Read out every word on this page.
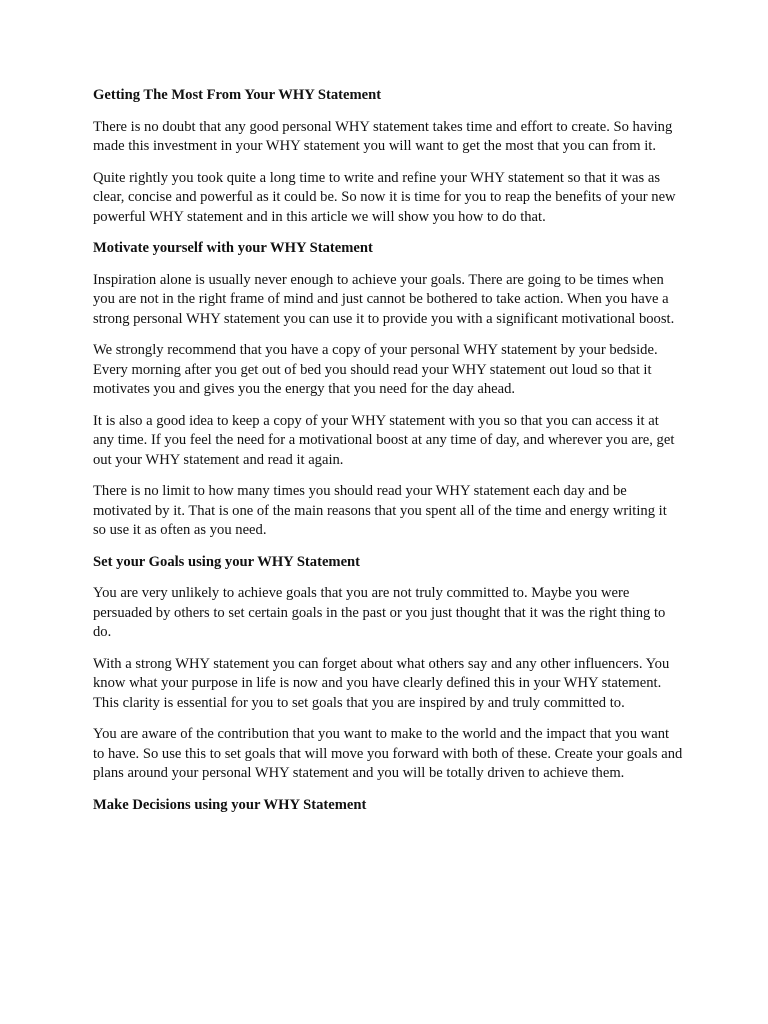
Getting The Most From Your WHY Statement

There is no doubt that any good personal WHY statement takes time and effort to create. So having made this investment in your WHY statement you will want to get the most that you can from it.

Quite rightly you took quite a long time to write and refine your WHY statement so that it was as clear, concise and powerful as it could be. So now it is time for you to reap the benefits of your new powerful WHY statement and in this article we will show you how to do that.

Motivate yourself with your WHY Statement

Inspiration alone is usually never enough to achieve your goals. There are going to be times when you are not in the right frame of mind and just cannot be bothered to take action. When you have a strong personal WHY statement you can use it to provide you with a significant motivational boost.

We strongly recommend that you have a copy of your personal WHY statement by your bedside. Every morning after you get out of bed you should read your WHY statement out loud so that it motivates you and gives you the energy that you need for the day ahead.

It is also a good idea to keep a copy of your WHY statement with you so that you can access it at any time. If you feel the need for a motivational boost at any time of day, and wherever you are, get out your WHY statement and read it again.

There is no limit to how many times you should read your WHY statement each day and be motivated by it. That is one of the main reasons that you spent all of the time and energy writing it so use it as often as you need.

Set your Goals using your WHY Statement

You are very unlikely to achieve goals that you are not truly committed to. Maybe you were persuaded by others to set certain goals in the past or you just thought that it was the right thing to do.

With a strong WHY statement you can forget about what others say and any other influencers. You know what your purpose in life is now and you have clearly defined this in your WHY statement. This clarity is essential for you to set goals that you are inspired by and truly committed to.

You are aware of the contribution that you want to make to the world and the impact that you want to have. So use this to set goals that will move you forward with both of these. Create your goals and plans around your personal WHY statement and you will be totally driven to achieve them.

Make Decisions using your WHY Statement
